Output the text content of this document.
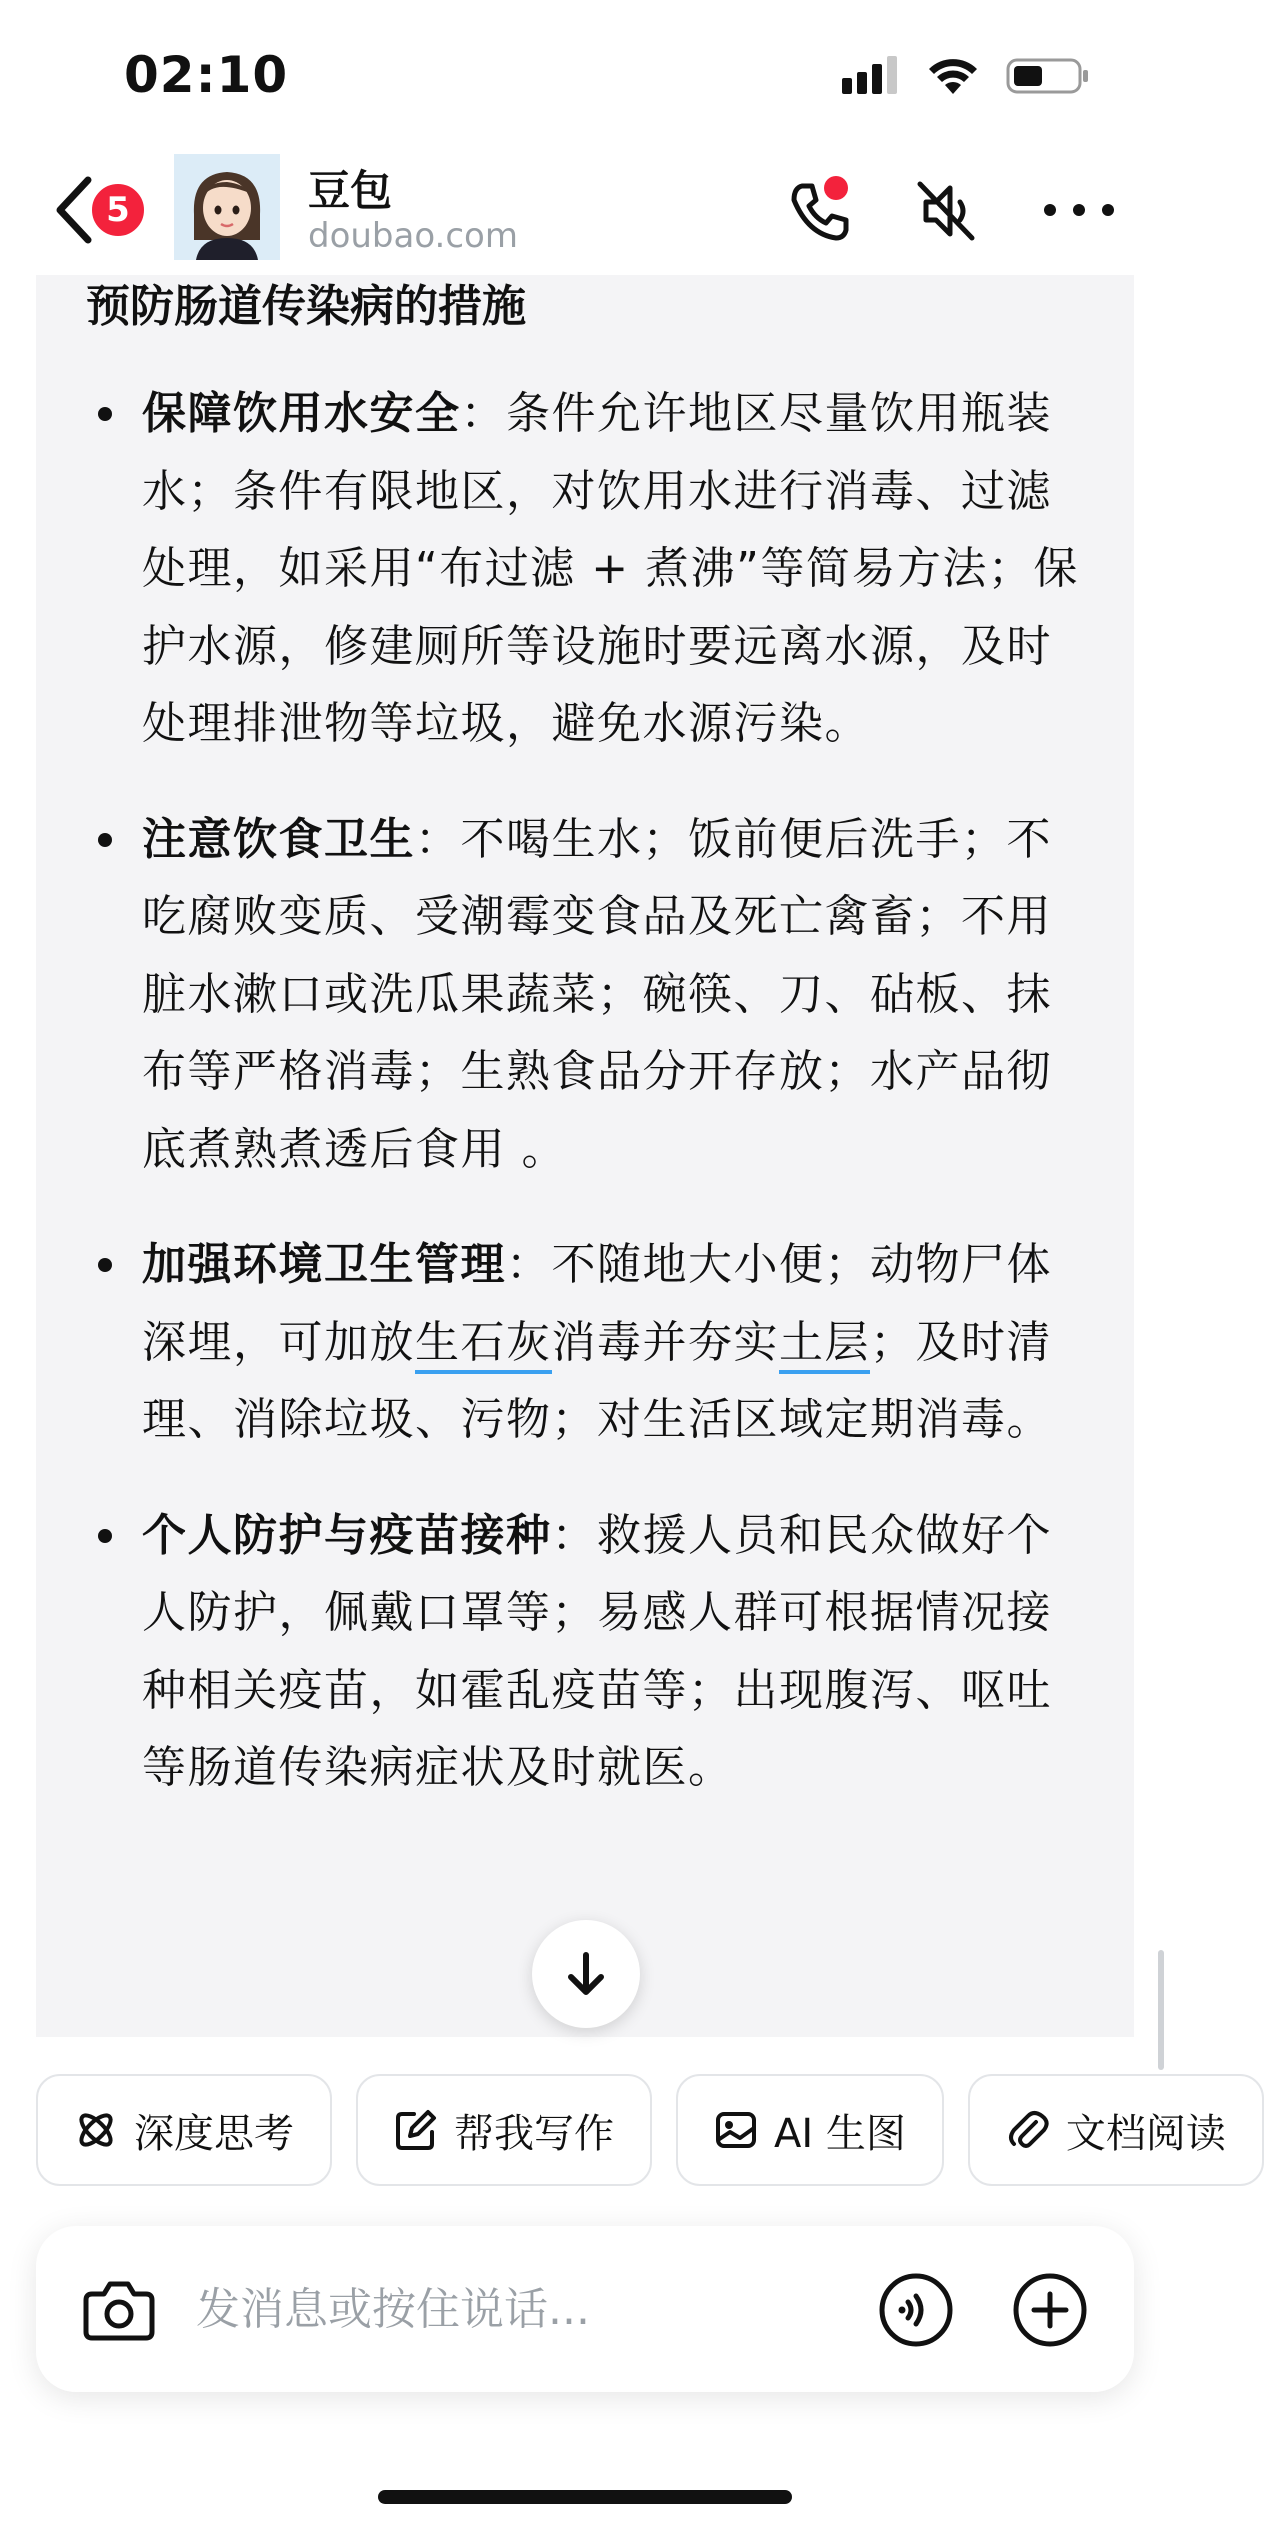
02:10
5	豆包
doubao.com
预防肠道传染病的措施
保障饮用水安全：条件允许地区尽量饮用瓶装水；条件有限地区，对饮用水进行消毒、过滤处理，如采用“布过滤 + 煮沸”等简易方法；保护水源，修建厕所等设施时要远离水源，及时处理排泄物等垃圾，避免水源污染。
注意饮食卫生：不喝生水；饭前便后洗手；不吃腐败变质、受潮霉变食品及死亡禽畜；不用脏水漱口或洗瓜果蔬菜；碗筷、刀、砧板、抹布等严格消毒；生熟食品分开存放；水产品彻底煮熟煮透后食用 。
加强环境卫生管理：不随地大小便；动物尸体深埋，可加放生石灰消毒并夯实土层；及时清理、消除垃圾、污物；对生活区域定期消毒。
个人防护与疫苗接种：救援人员和民众做好个人防护，佩戴口罩等；易感人群可根据情况接种相关疫苗，如霍乱疫苗等；出现腹泻、呕吐等肠道传染病症状及时就医。
深度思考	帮我写作	AI 生图	文档阅读
发消息或按住说话...
